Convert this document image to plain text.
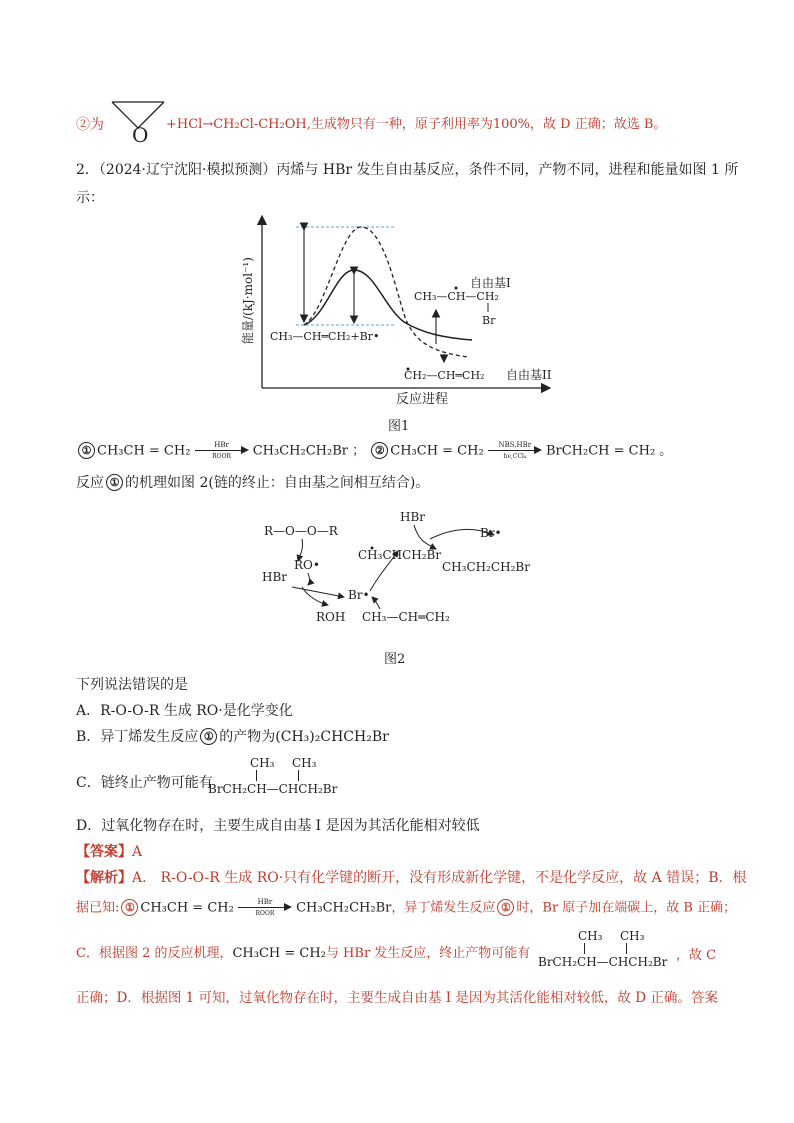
②为 O +HCl→CH₂Cl-CH₂OH,生成物只有一种，原子利用率为100%，故 D 正确；故选 B。
2．（2024·辽宁沈阳·模拟预测）丙烯与 HBr 发生自由基反应，条件不同，产物不同，进程和能量如图 1 所
示：
能量/(kJ·mol⁻¹)
反应进程
CH₃—CH═CH₂+Br•
自由基I
CH₃—CH—CH₂
Br
CH₂—CH═CH₂ 自由基II
图1
① CH₃CH = CH₂	HBr
ROOR	CH₃CH₂CH₂Br ； ② CH₃CH = CH₂	NBS,HBr
hν,CCl₄	BrCH₂CH = CH₂ 。
反应 ① 的机理如图 2(链的终止：自由基之间相互结合)。
R—O—O—R
RO•
HBr
ROH
Br•
CH₃—CH═CH₂
CH₃CHCH₂Br
HBr
Br•
CH₃CH₂CH₂Br
图2
下列说法错误的是
A．R-O-O-R 生成 RO·是化学变化
B．异丁烯发生反应 ① 的产物为(CH₃)₂CHCH₂Br
C．链终止产物可能有
CH₃ CH₃
BrCH₂CH—CHCH₂Br
D．过氧化物存在时，主要生成自由基 I 是因为其活化能相对较低
【答案】A
【解析】A． R-O-O-R 生成 RO·只有化学键的断开，没有形成新化学键，不是化学反应，故 A 错误；B．根
据已知: ① CH₃CH = CH₂	HBr
ROOR	CH₃CH₂CH₂Br，异丁烯发生反应 ① 时，Br 原子加在端碳上，故 B 正确；
C．根据图 2 的反应机理，CH₃CH = CH₂与 HBr 发生反应，终止产物可能有
CH₃ CH₃
BrCH₂CH—CHCH₂Br ，故 C
正确；D．根据图 1 可知，过氧化物存在时，主要生成自由基 I 是因为其活化能相对较低，故 D 正确。答案
